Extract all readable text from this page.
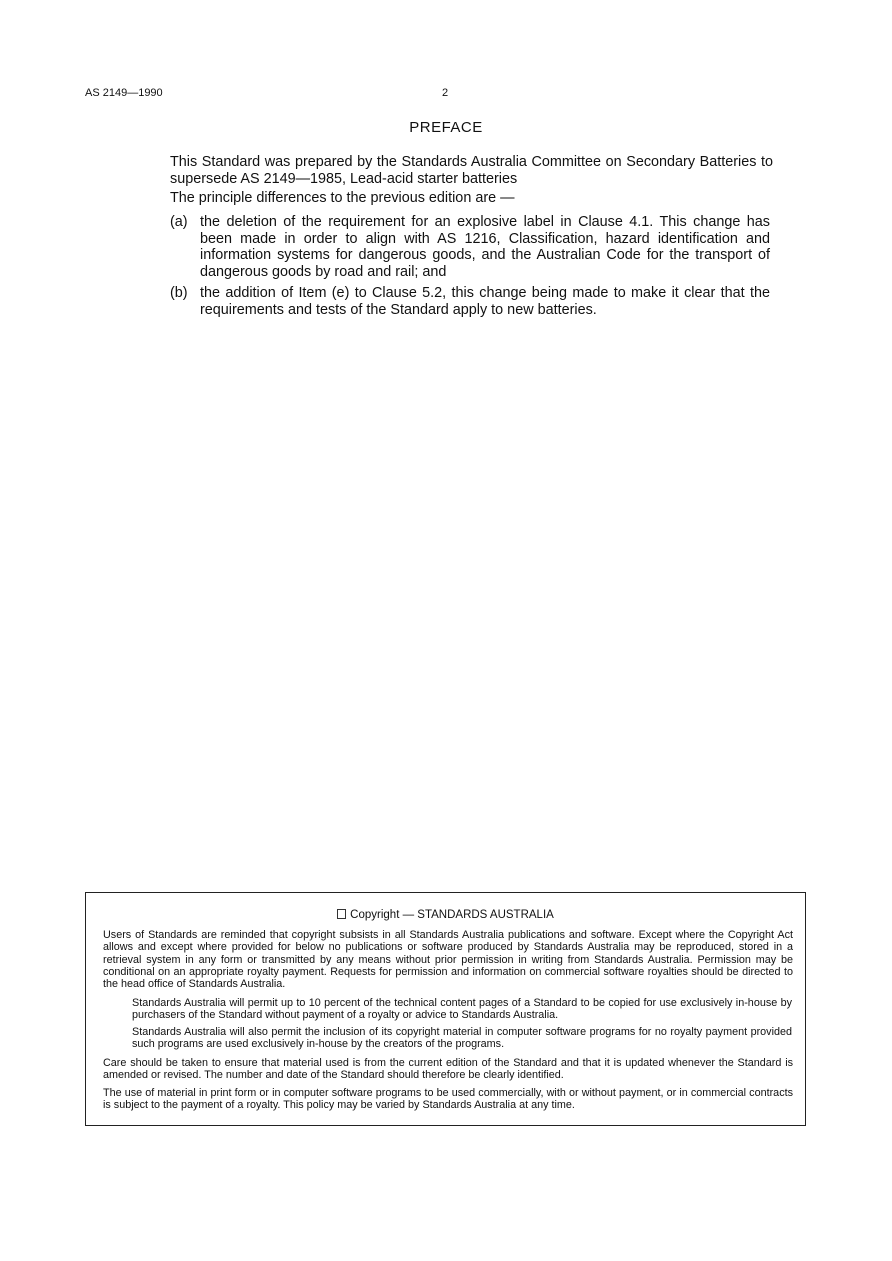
AS 2149—1990	2
PREFACE

This Standard was prepared by the Standards Australia Committee on Secondary Batteries to supersede AS 2149—1985, Lead-acid starter batteries

The principle differences to the previous edition are —

(a) the deletion of the requirement for an explosive label in Clause 4.1. This change has been made in order to align with AS 1216, Classification, hazard identification and information systems for dangerous goods, and the Australian Code for the transport of dangerous goods by road and rail; and
(b) the addition of Item (e) to Clause 5.2, this change being made to make it clear that the requirements and tests of the Standard apply to new batteries.
Copyright — STANDARDS AUSTRALIA

Users of Standards are reminded that copyright subsists in all Standards Australia publications and software. Except where the Copyright Act allows and except where provided for below no publications or software produced by Standards Australia may be reproduced, stored in a retrieval system in any form or transmitted by any means without prior permission in writing from Standards Australia. Permission may be conditional on an appropriate royalty payment. Requests for permission and information on commercial software royalties should be directed to the head office of Standards Australia.

Standards Australia will permit up to 10 percent of the technical content pages of a Standard to be copied for use exclusively in-house by purchasers of the Standard without payment of a royalty or advice to Standards Australia.

Standards Australia will also permit the inclusion of its copyright material in computer software programs for no royalty payment provided such programs are used exclusively in-house by the creators of the programs.

Care should be taken to ensure that material used is from the current edition of the Standard and that it is updated whenever the Standard is amended or revised. The number and date of the Standard should therefore be clearly identified.

The use of material in print form or in computer software programs to be used commercially, with or without payment, or in commercial contracts is subject to the payment of a royalty. This policy may be varied by Standards Australia at any time.
